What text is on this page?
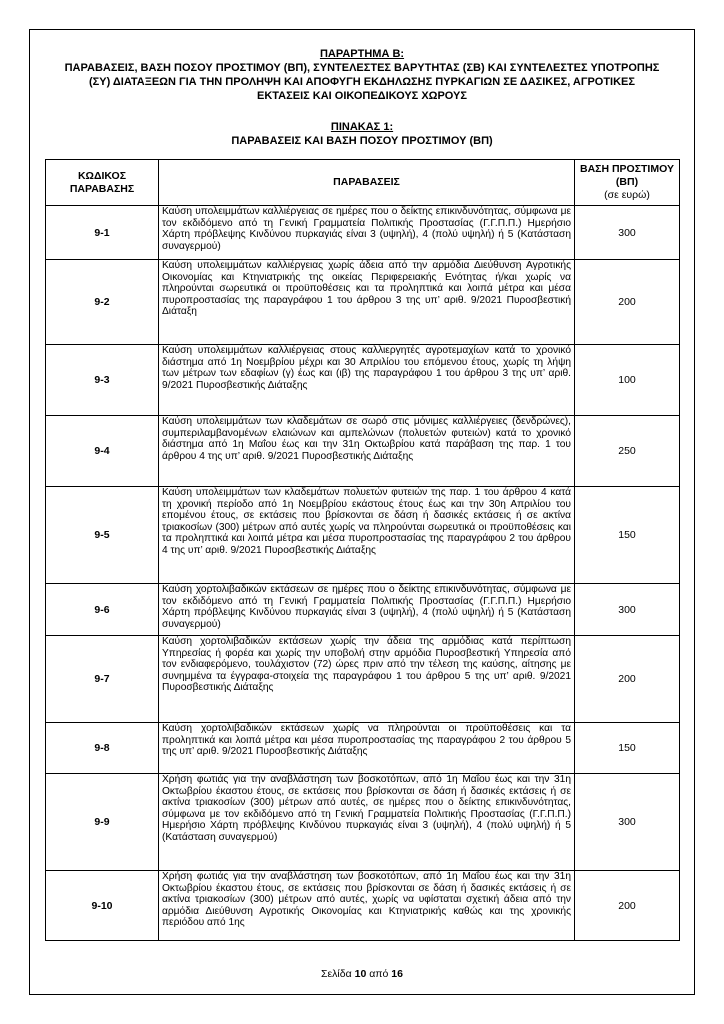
ΠΑΡΑΡΤΗΜΑ Β:
ΠΑΡΑΒΑΣΕΙΣ, ΒΑΣΗ ΠΟΣΟΥ ΠΡΟΣΤΙΜΟΥ (ΒΠ), ΣΥΝΤΕΛΕΣΤΕΣ ΒΑΡΥΤΗΤΑΣ (ΣΒ) ΚΑΙ ΣΥΝΤΕΛΕΣΤΕΣ ΥΠΟΤΡΟΠΗΣ
(ΣΥ) ΔΙΑΤΑΞΕΩΝ ΓΙΑ ΤΗΝ ΠΡΟΛΗΨΗ ΚΑΙ ΑΠΟΦΥΓΗ ΕΚΔΗΛΩΣΗΣ ΠΥΡΚΑΓΙΩΝ ΣΕ ΔΑΣΙΚΕΣ, ΑΓΡΟΤΙΚΕΣ
ΕΚΤΑΣΕΙΣ ΚΑΙ ΟΙΚΟΠΕΔΙΚΟΥΣ ΧΩΡΟΥΣ
ΠΙΝΑΚΑΣ 1:
ΠΑΡΑΒΑΣΕΙΣ ΚΑΙ ΒΑΣΗ ΠΟΣΟΥ ΠΡΟΣΤΙΜΟΥ (ΒΠ)
ΚΩΔΙΚΟΣ
ΠΑΡΑΒΑΣΗΣ	ΠΑΡΑΒΑΣΕΙΣ	ΒΑΣΗ ΠΡΟΣΤΙΜΟΥ
(ΒΠ)
(σε ευρώ)

9-1	Καύση υπολειμμάτων καλλιέργειας σε ημέρες που ο δείκτης επικινδυνότητας, σύμφωνα με τον εκδιδόμενο από τη Γενική Γραμματεία Πολιτικής Προστασίας (Γ.Γ.Π.Π.) Ημερήσιο Χάρτη πρόβλεψης Κινδύνου πυρκαγιάς είναι 3 (υψηλή), 4 (πολύ υψηλή) ή 5 (Κατάσταση συναγερμού)	300
9-2	Καύση υπολειμμάτων καλλιέργειας χωρίς άδεια από την αρμόδια Διεύθυνση Αγροτικής Οικονομίας και Κτηνιατρικής της οικείας Περιφερειακής Ενότητας ή/και χωρίς να πληρούνται σωρευτικά οι προϋποθέσεις και τα προληπτικά και λοιπά μέτρα και μέσα πυροπροστασίας της παραγράφου 1 του άρθρου 3 της υπ’ αριθ. 9/2021 Πυροσβεστική Διάταξη	200
9-3	Καύση υπολειμμάτων καλλιέργειας στους καλλιεργητές αγροτεμαχίων κατά το χρονικό διάστημα από 1η Νοεμβρίου μέχρι και 30 Απριλίου του επόμενου έτους, χωρίς τη λήψη των μέτρων των εδαφίων (γ) έως και (ιβ) της παραγράφου 1 του άρθρου 3 της υπ’ αριθ. 9/2021 Πυροσβεστικής Διάταξης	100
9-4	Καύση υπολειμμάτων των κλαδεμάτων σε σωρό στις μόνιμες καλλιέργειες (δενδρώνες), συμπεριλαμβανομένων ελαιώνων και αμπελώνων (πολυετών φυτειών) κατά το χρονικό διάστημα από 1η Μαΐου έως και την 31η Οκτωβρίου κατά παράβαση της παρ. 1 του άρθρου 4 της υπ’ αριθ. 9/2021 Πυροσβεστικής Διάταξης	250
9-5	Καύση υπολειμμάτων των κλαδεμάτων πολυετών φυτειών της παρ. 1 του άρθρου 4 κατά τη χρονική περίοδο από 1η Νοεμβρίου εκάστους έτους έως και την 30η Απριλίου του επομένου έτους, σε εκτάσεις που βρίσκονται σε δάση ή δασικές εκτάσεις ή σε ακτίνα τριακοσίων (300) μέτρων από αυτές χωρίς να πληρούνται σωρευτικά οι προϋποθέσεις και τα προληπτικά και λοιπά μέτρα και μέσα πυροπροστασίας της παραγράφου 2 του άρθρου 4 της υπ’ αριθ. 9/2021 Πυροσβεστικής Διάταξης	150
9-6	Καύση χορτολιβαδικών εκτάσεων σε ημέρες που ο δείκτης επικινδυνότητας, σύμφωνα με τον εκδιδόμενο από τη Γενική Γραμματεία Πολιτικής Προστασίας (Γ.Γ.Π.Π.) Ημερήσιο Χάρτη πρόβλεψης Κινδύνου πυρκαγιάς είναι 3 (υψηλή), 4 (πολύ υψηλή) ή 5 (Κατάσταση συναγερμού)	300
9-7	Καύση χορτολιβαδικών εκτάσεων χωρίς την άδεια της αρμόδιας κατά περίπτωση Υπηρεσίας ή φορέα και χωρίς την υποβολή στην αρμόδια Πυροσβεστική Υπηρεσία από τον ενδιαφερόμενο, τουλάχιστον (72) ώρες πριν από την τέλεση της καύσης, αίτησης με συνημμένα τα έγγραφα-στοιχεία της παραγράφου 1 του άρθρου 5 της υπ’ αριθ. 9/2021 Πυροσβεστικής Διάταξης	200
9-8	Καύση χορτολιβαδικών εκτάσεων χωρίς να πληρούνται οι προϋποθέσεις και τα προληπτικά και λοιπά μέτρα και μέσα πυροπροστασίας της παραγράφου 2 του άρθρου 5 της υπ’ αριθ. 9/2021 Πυροσβεστικής Διάταξης	150
9-9	Χρήση φωτιάς για την αναβλάστηση των βοσκοτόπων, από 1η Μαΐου έως και την 31η Οκτωβρίου έκαστου έτους, σε εκτάσεις που βρίσκονται σε δάση ή δασικές εκτάσεις ή σε ακτίνα τριακοσίων (300) μέτρων από αυτές, σε ημέρες που ο δείκτης επικινδυνότητας, σύμφωνα με τον εκδιδόμενο από τη Γενική Γραμματεία Πολιτικής Προστασίας (Γ.Γ.Π.Π.) Ημερήσιο Χάρτη πρόβλεψης Κινδύνου πυρκαγιάς είναι 3 (υψηλή), 4 (πολύ υψηλή) ή 5 (Κατάσταση συναγερμού)	300
9-10	Χρήση φωτιάς για την αναβλάστηση των βοσκοτόπων, από 1η Μαΐου έως και την 31η Οκτωβρίου έκαστου έτους, σε εκτάσεις που βρίσκονται σε δάση ή δασικές εκτάσεις ή σε ακτίνα τριακοσίων (300) μέτρων από αυτές, χωρίς να υφίσταται σχετική άδεια από την αρμόδια Διεύθυνση Αγροτικής Οικονομίας και Κτηνιατρικής καθώς και της χρονικής περιόδου από 1ης	200
Σελίδα 10 από 16
